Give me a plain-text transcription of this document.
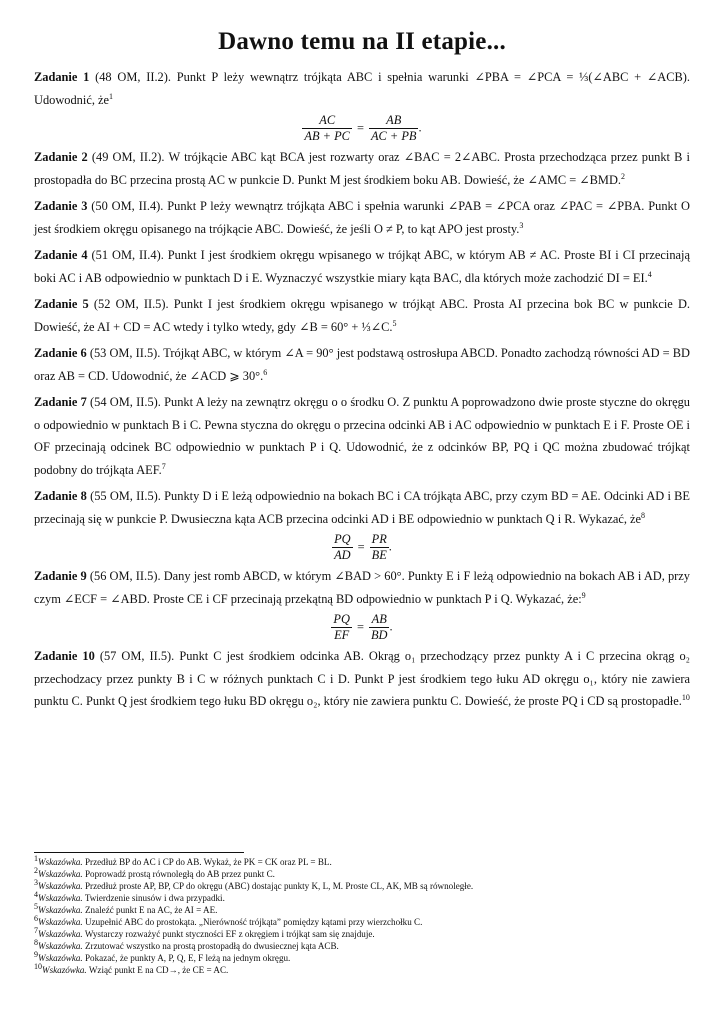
Dawno temu na II etapie...

Zadanie 1 (48 OM, II.2). Punkt P leży wewnątrz trójkąta ABC i spełnia warunki ∠PBA = ∠PCA = ⅓(∠ABC + ∠ACB). Udowodnić, $że^1$

$\frac{AC}{AB + PC} = \frac{AB}{AC + PB}$ .

Zadanie 2 (49 OM, II.2). W trójkącie ABC kąt BCA jest rozwarty oraz ∠BAC = 2∠ABC. Prosta przechodząca przez punkt B i prostopadła do BC przecina prostą AC w punkcie D. Punkt M jest środkiem boku AB. Dowieść, że ∠AMC = ∠BMD.$^2$

Zadanie 3 (50 OM, II.4). Punkt P leży wewnątrz trójkąta ABC i spełnia warunki ∠PAB = ∠PCA oraz ∠PAC = ∠PBA. Punkt O jest środkiem okręgu opisanego na trójkącie ABC. Dowieść, że jeśli O ≠ P, to kąt APO jest prosty.$^3$

Zadanie 4 (51 OM, II.4). Punkt I jest środkiem okręgu wpisanego w trójkąt ABC, w którym AB ≠ AC. Proste BI i CI przecinają boki AC i AB odpowiednio w punktach D i E. Wyznaczyć wszystkie miary kąta BAC, dla których może zachodzić DI = EI.$^4$

Zadanie 5 (52 OM, II.5). Punkt I jest środkiem okręgu wpisanego w trójkąt ABC. Prosta AI przecina bok BC w punkcie D. Dowieść, że AI + CD = AC wtedy i tylko wtedy, gdy ∠B = 60° + ⅓∠C.$^5$

Zadanie 6 (53 OM, II.5). Trójkąt ABC, w którym ∠A = 90° jest podstawą ostrosłupa ABCD. Ponadto zachodzą równości AD = BD oraz AB = CD. Udowodnić, że ∠ACD ⩾ 30°.$^6$

Zadanie 7 (54 OM, II.5). Punkt A leży na zewnątrz okręgu o o środku O. Z punktu A poprowadzono dwie proste styczne do okręgu o odpowiednio w punktach B i C. Pewna styczna do okręgu o przecina odcinki AB i AC odpowiednio w punktach E i F. Proste OE i OF przecinają odcinek BC odpowiednio w punktach P i Q. Udowodnić, że z odcinków BP, PQ i QC można zbudować trójkąt podobny do trójkąta AEF.$^7$

Zadanie 8 (55 OM, II.5). Punkty D i E leżą odpowiednio na bokach BC i CA trójkąta ABC, przy czym BD = AE. Odcinki AD i BE przecinają się w punkcie P. Dwusieczna kąta ACB przecina odcinki AD i BE odpowiednio w punktach Q i R. Wykazać, $że^8$

$\frac{PQ}{AD} = \frac{PR}{BE}$ .

Zadanie 9 (56 OM, II.5). Dany jest romb ABCD, w którym ∠BAD > 60°. Punkty E i F leżą odpowiednio na bokach AB i AD, przy czym ∠ECF = ∠ABD. Proste CE i CF przecinają przekątną BD odpowiednio w punktach P i Q. Wykazać, że:$^9$

$\frac{PQ}{EF} = \frac{AB}{BD}$ .

Zadanie 10 (57 OM, II.5). Punkt C jest środkiem odcinka AB. Okrąg o₁ przechodzący przez punkty A i C przecina okrąg o₂ przechodzacy przez punkty B i C w różnych punktach C i D. Punkt P jest środkiem tego łuku AD okręgu o₁, który nie zawiera punktu C. Punkt Q jest środkiem tego łuku BD okręgu o₂, który nie zawiera punktu C. Dowieść, że proste PQ i CD są prostopadłe.$^{10}$

$^1$Wskazówka. Przedłuż BP do AC i CP do AB. Wykaż, że PK = CK oraz PL = BL.
$^2$Wskazówka. Poprowadź prostą równoległą do AB przez punkt C.
$^3$Wskazówka. Przedłuż proste AP, BP, CP do okręgu (ABC) dostając punkty K, L, M. Proste CL, AK, MB są równoległe.
$^4$Wskazówka. Twierdzenie sinusów i dwa przypadki.
$^5$Wskazówka. Znaleźć punkt E na AC, że AI = AE.
$^6$Wskazówka. Uzupełnić ABC do prostokąta. „Nierówność trójkąta” pomiędzy kątami przy wierzchołku C.
$^7$Wskazówka. Wystarczy rozważyć punkt styczności EF z okręgiem i trójkąt sam się znajduje.
$^8$Wskazówka. Zrzutować wszystko na prostą prostopadłą do dwusiecznej kąta ACB.
$^9$Wskazówka. Pokazać, że punkty A, P, Q, E, F leżą na jednym okręgu.
$^{10}$Wskazówka. Wziąć punkt E na CD→, że CE = AC.
